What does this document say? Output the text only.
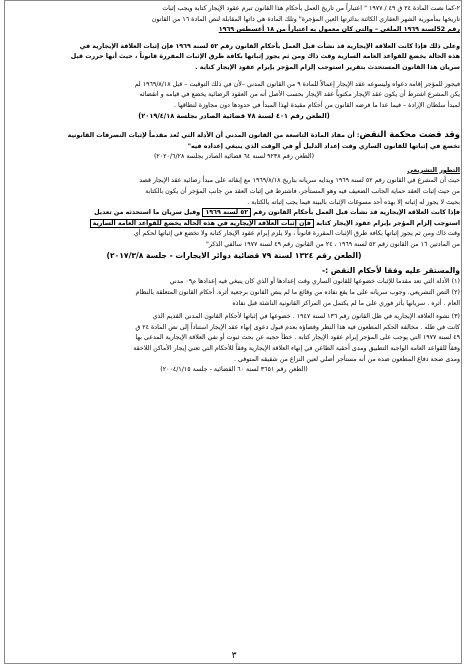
٢-كما نصت المادة ٢٤ ق ٤٩ / ١٩٧٧ " اعتباراً من تاريخ العمل بأحكام هذا القانون تبرم عقود الإيجار كتابة ويجب إثبات

تاريخها بمأمورية الشهر العقاري الكائنة بدائرتها العين المؤجرة" وتلك المادة هي ذاتها المقابلة لنص المادة ١٦ من القانون

رقم 52لسنة ١٩٦٩ الملغى – والتي كان معمول به اعتباراً من ١٨ أغسطس ١٩٦٩

وعلى ذلك فإذا كانت العلاقة الإيجارية قد نشأت قبل العمل بأحكام القانون رقم ٥٢ لسنة ١٩٦٩ فإن إثبات العلاقة الإيجارية في

هذه الحالة يخضع للقواعد العامة السارية وقت ذاك ومن ثم يجوز إثباتها بكافة طرق الإثبات المقررة قانوناً ، حيث أنها حررت قبل

سريان هذا القانون المستحدث بتقرير استوجب إلزام المؤجر بإبرام عقود الإيجار كتابة .

فيجوز للمؤجر إقامة دعواه وليسوعه عقد الإيجار إعمالاً للمادة ٩ من القانون المدني –لأن في ذلك التوقيت – قبل ١٩٦٩/٨/١٨ لم

يكن المشرع اشترط أن يكون عقد الإيجار مكتوباً عقد الإيجار بحسب الأصل أنه من العقود الرضائية يخضع في قيامه و انقضائه

لمبدأ سلطان الإرادة – فيما عدا ما فرضه القانون من أحكام مقيدة لهذا المبدأ في حدودها دون مجاوزة لنطاقها .

(الطعن رقم ٤٠١ لسنة ٧٨ قضائية الصادر بجلسة ٢٠١٩/٤/١٨)

وقد قضت محكمة النقض: أن مفاد المادة التاسعة من القانون المدني أن الأدلة التي تُعد مقدماً لإثبات التصرفات القانونية

تخضع في إثباتها للقانون الساري وقت إعداد الدليل أو في الوقت الذي ينبغي إعداده فيه"

(الطعن رقم ٩٢٣٨ لسنة ٦٤ قضائية الصادر بجلسة ٢٠٢٠/٦/٢٨)

التطور التشريعي

حيث أن المشرع في القانون رقم ٥٢ لسنة ١٩٦٩ وبدايه سريانه بتاريخ ١٩٦٩/٨/١٨ مع إبقائه على مبدأ رضائية عقد الإيجار قصد

من حيث إثبات العقد حماية الجانب الضعيف فيه وهو المستأجر، فاشترط في إثبات العقد من جانب المؤجر أن يكون بالكتابة

بحيث لا يجوز له إثباته إلا بهذه أحد مسوغات الإثبات بالبينة فيما يجب إثباته بالكتابة .

فإذا كانت العلاقة الإيجارية قد نشأت قبل العمل بأحكام القانون رقم ٥٢ لسنة ١٩٦٩ وقبل سريان ما استحدثه من تعديل

استوجب إلزام المؤجر بإبرام عقود الإيجار كتابة فإن إثبات العلاقة الإيجارية في هذه الحالة يخضع للقواعد العامة السارية

وقت ذاك ومن ثم يجوز إثباتها بكافة طرق الإثبات المقررة قانوناً ، ولا يلزم إبرام عقود الإيجار كتابة ولا تخضع في إثباتها لحكم أي

من المادتين ١٦ من القانون رقم ٥٢ لسنة ١٩٦٩ ، ٢٤ من القانون رقم ٤٩ لسنة ١٩٧٧ سالفي الذكر"

(الطعن رقم ١٣٢٤ لسنة ٧٩ قضائية دوائر الايجارات - جلسة ٢٠١٧/٣/٨)

والمستقر عليه وفقا لأحكام النقض :-

(١) الأدلة التي تعد مقدما للإثبات خضوعها للقانون الساري وقت إعدادها أو الذي كان ينبغي فيه إعدادها م٠٩ مدني

(٢) النص التشريعي. وجوب سريانه على ما يقع نفاذه من وقائع ما لم ينص القانون برجعية أثره. أحكام القانون المتعلقة بالنظام

العام . أثره . سريانها بأثر فوري على ما لم يكتمل من المراكز القانونية الناشئة قبل نفاذه

(٣) نشوء العلاقة الإيجارية في ظل القانون رقم ١٣٦ لسنة ١٩٤٧ . خضوعها في إثباتها لأحكام القانون المدني القديم الذي

كانت في ظله . مخالفة الحكم المطعون فيه هذا النظر وقضاؤه بعدم قبول دعوى إنهاء عقد الإيجار استناداً إلى نص المادة ٢٤ ق

٤٩ لسنة ١٩٧٧ التي يوجب على المؤجر إبرام عقود الإيجار كتابة . خطأ حجبه عن بحث ثبوت أو نفي العلاقة الإيجارية المدعى بها

وفقاً للقواعد العامة الواجبة التطبيق ومدى أحقية الطاعن في إنهاء العلاقة الإيجارية وفقاً للأحكام التي تعني إيجار الأماكن اللاحقة

ومدى صحة دفاع المطعون ضده من أنه مستأجر أصلي لعين النزاع من شقيقه المتوفى .

(الطعن رقم ٣٦٥١ لسنة ٦٠ القضائية - جلسة ٢٠٠٤/١/١٥)

٣
